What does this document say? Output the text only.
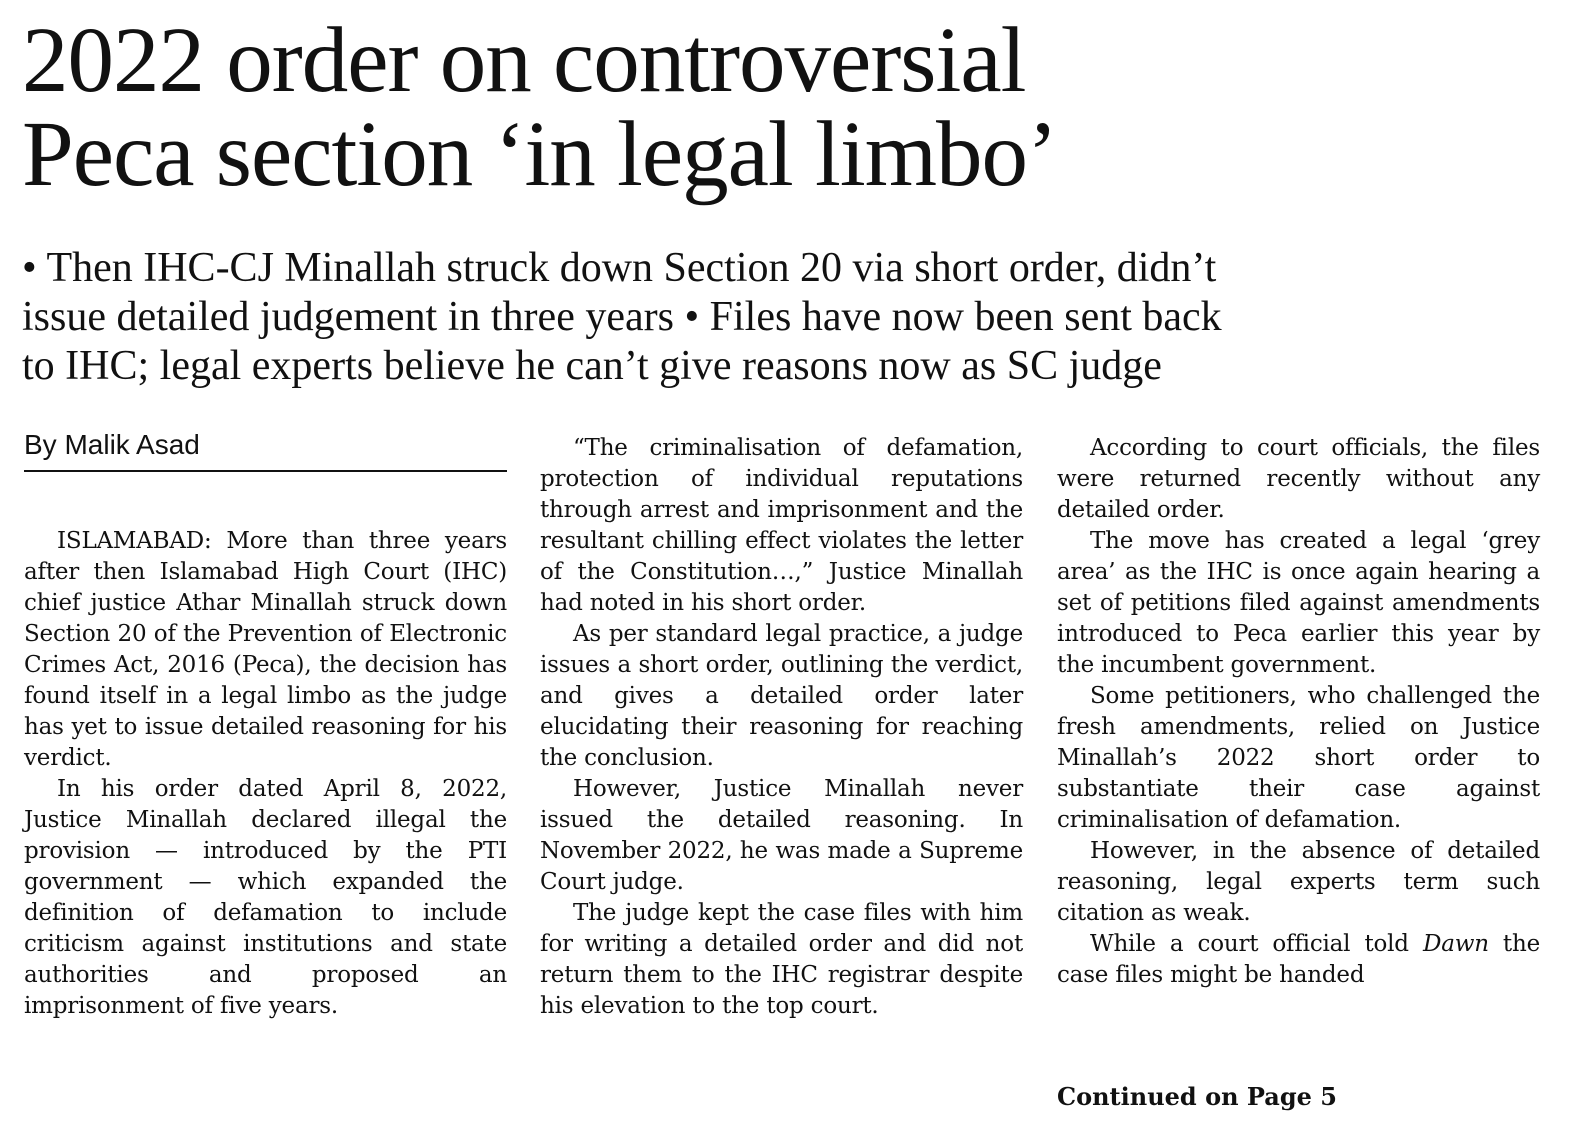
2022 order on controversial
Peca section ‘in legal limbo’
• Then IHC-CJ Minallah struck down Section 20 via short order, didn’t
issue detailed judgement in three years • Files have now been sent back
to IHC; legal experts believe he can’t give reasons now as SC judge
By Malik Asad

ISLAMABAD: More than three years after then Islamabad High Court (IHC) chief justice Athar Minallah struck down Section 20 of the Prevention of Electronic Crimes Act, 2016 (Peca), the decision has found itself in a legal limbo as the judge has yet to issue detailed reasoning for his verdict.

In his order dated April 8, 2022, Justice Minallah declared illegal the provision — introduced by the PTI government — which expanded the definition of defamation to include criticism against institutions and state authorities and proposed an imprisonment of five years.

“The criminalisation of defamation, protection of individual reputations through arrest and imprisonment and the resultant chilling effect violates the letter of the Constitution…,” Justice Minallah had noted in his short order.

As per standard legal practice, a judge issues a short order, outlining the verdict, and gives a detailed order later elucidating their reasoning for reaching the conclusion.

However, Justice Minallah never issued the detailed reasoning. In November 2022, he was made a Supreme Court judge.

The judge kept the case files with him for writing a detailed order and did not return them to the IHC registrar despite his elevation to the top court.

According to court officials, the files were returned recently without any detailed order.

The move has created a legal ‘grey area’ as the IHC is once again hearing a set of petitions filed against amendments introduced to Peca earlier this year by the incumbent government.

Some petitioners, who challenged the fresh amendments, relied on Justice Minallah’s 2022 short order to substantiate their case against criminalisation of defamation.

However, in the absence of detailed reasoning, legal experts term such citation as weak.

While a court official told Dawn the case files might be handed

Continued on Page 5
